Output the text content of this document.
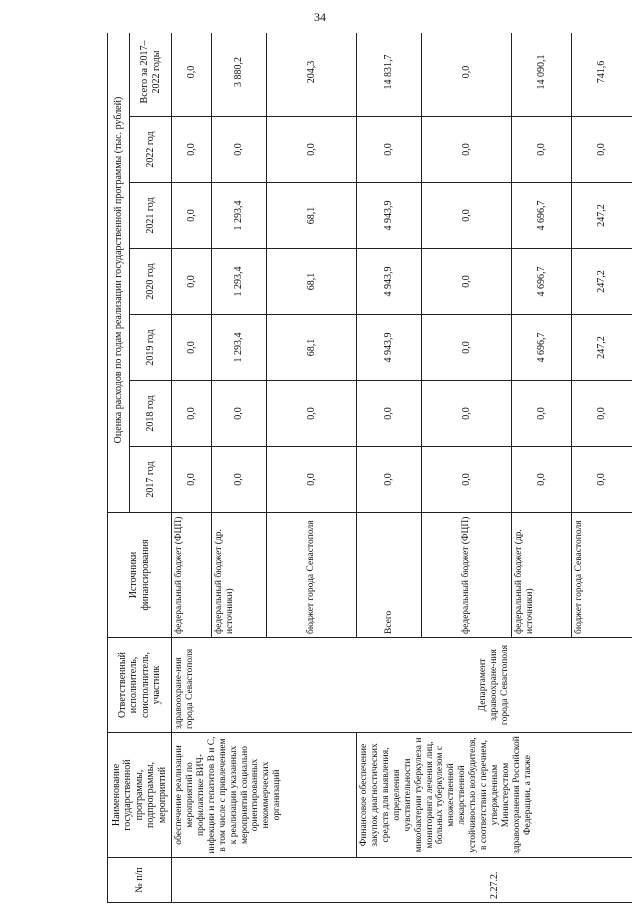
34
№ п/п	Наименование государственной программы, подпрограммы, мероприятий	Ответственный исполнитель, соисполнитель, участник	Источники финансирования	Оценка расходов по годам реализации государственной программы (тыс. рублей)						
				2017 год	2018 год	2019 год	2020 год	2021 год	2022 год	Всего за 2017–2022 годы
	обеспечение реализации мероприятий по профилактике ВИЧ-инфекции и гепатитов В и С, в том числе с привлечением к реализации указанных мероприятий социально ориентированных некоммерческих организаций	здравоохране-ния города Севастополя	федеральный бюджет (ФЦП)	0,0	0,0	0,0	0,0	0,0	0,0	0,0
			федеральный бюджет (др. источники)	0,0	0,0	1 293,4	1 293,4	1 293,4	0,0	3 880,2
			бюджет города Севастополя	0,0	0,0	68,1	68,1	68,1	0,0	204,3
2.27.2.	Финансовое обеспечение закупок диагностических средств для выявления, определения чувствительности микобактерии туберкулеза и мониторинга лечения лиц, больных туберкулезом с множественной лекарственной устойчивостью возбудителя, в соответствии с перечнем, утвержденным Министерством здравоохранения Российской Федерации, а также	Департамент здравоохране-ния города Севастополя	Всего	0,0	0,0	4 943,9	4 943,9	4 943,9	0,0	14 831,7
			федеральный бюджет (ФЦП)	0,0	0,0	0,0	0,0	0,0	0,0	0,0
			федеральный бюджет (др. источники)	0,0	0,0	4 696,7	4 696,7	4 696,7	0,0	14 090,1
			бюджет города Севастополя	0,0	0,0	247,2	247,2	247,2	0,0	741,6
